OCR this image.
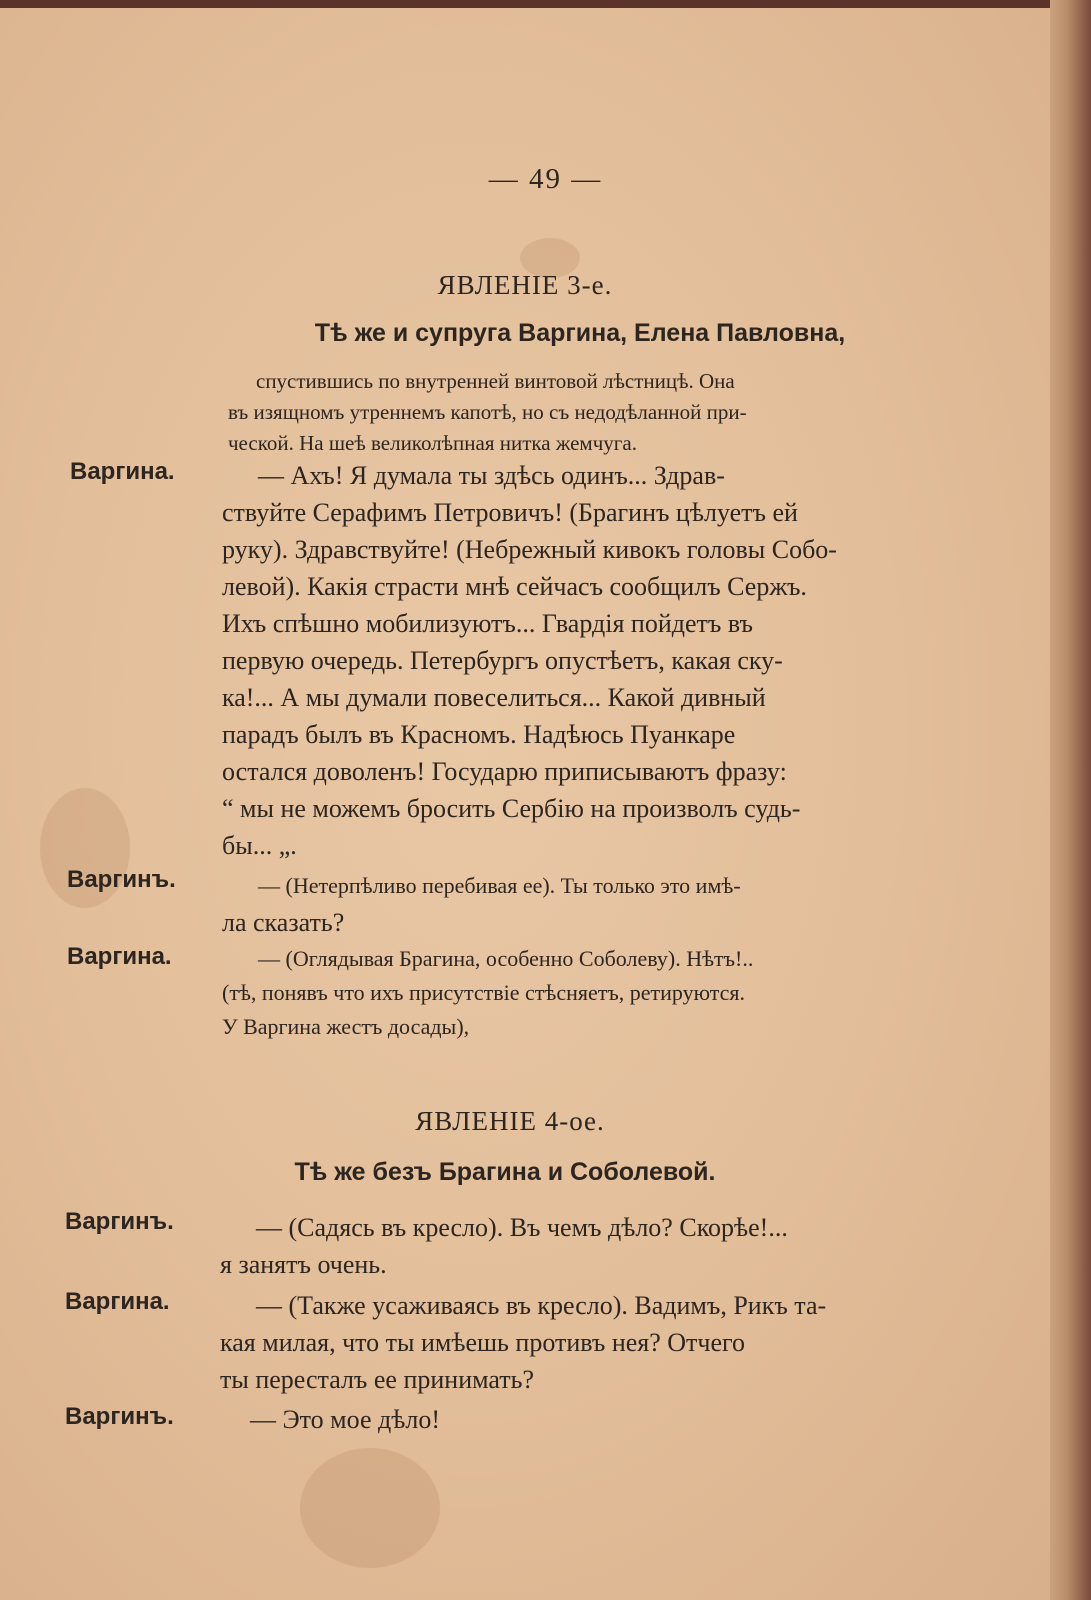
— 49 —
ЯВЛЕНІЕ 3-е.
Тѣ же и супруга Варгина, Елена Павловна,
спустившись по внутренней винтовой лѣстницѣ. Она
въ изящномъ утреннемъ капотѣ, но съ недодѣланной при-
ческой. На шеѣ великолѣпная нитка жемчуга.
Варгина.	— Ахъ! Я думала ты здѣсь одинъ... Здрав-
ствуйте Серафимъ Петровичъ! (Брагинъ цѣлуетъ ей
руку). Здравствуйте! (Небрежный кивокъ головы Собо-
левой). Какія страсти мнѣ сейчасъ сообщилъ Сержъ.
Ихъ спѣшно мобилизуютъ... Гвардія пойдетъ въ
первую очередь. Петербургъ опустѣетъ, какая ску-
ка!... А мы думали повеселиться... Какой дивный
парадъ былъ въ Красномъ. Надѣюсь Пуанкаре
остался доволенъ! Государю приписываютъ фразу:
“ мы не можемъ бросить Сербію на произволъ судь-
бы... „.
Варгинъ.	— (Нетерпѣливо перебивая ее). Ты только это имѣ-
ла сказать?
Варгина.	— (Оглядывая Брагина, особенно Соболеву). Нѣтъ!..
(тѣ, понявъ что ихъ присутствіе стѣсняетъ, ретируются.
У Варгина жестъ досады),
ЯВЛЕНІЕ 4-ое.
Тѣ же безъ Брагина и Соболевой.
Варгинъ.	— (Садясь въ кресло). Въ чемъ дѣло? Скорѣе!...
я занятъ очень.
Варгина.	— (Также усаживаясь въ кресло). Вадимъ, Рикъ та-
кая милая, что ты имѣешь противъ нея? Отчего
ты пересталъ ее принимать?
Варгинъ.	— Это мое дѣло!
